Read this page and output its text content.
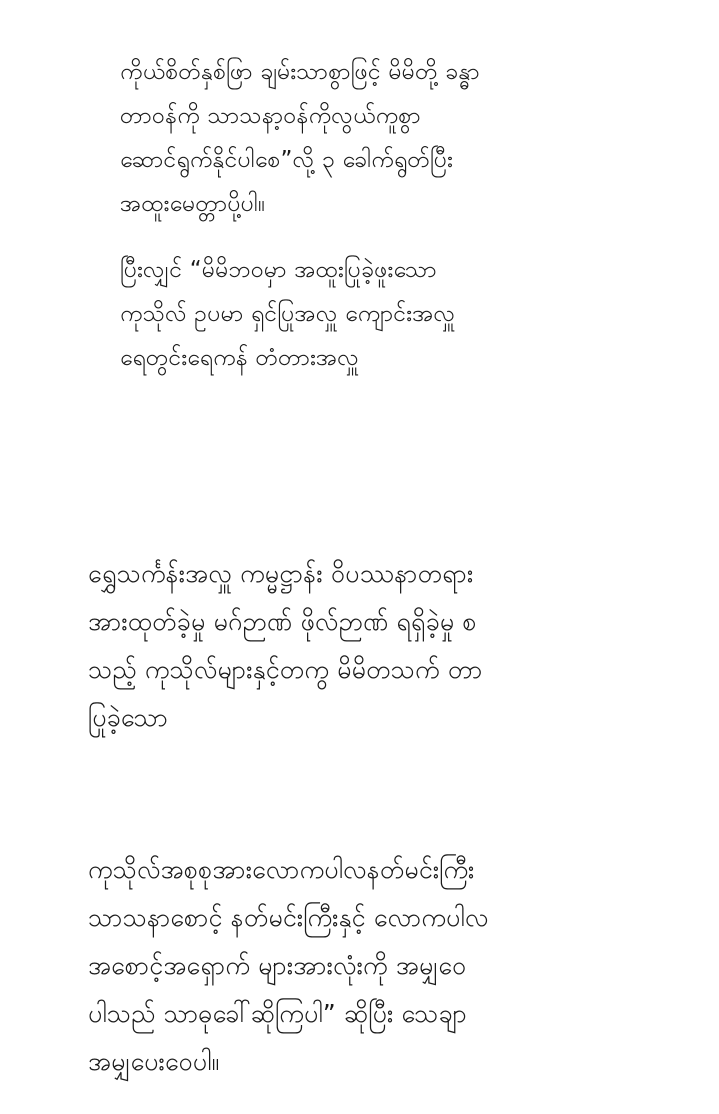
ကိုယ်စိတ်နှစ်ဖြာ ချမ်းသာစွာဖြင့် မိမိတို့ ခန္ဓာ
တာဝန်ကို သာသနာ့ဝန်ကိုလွယ်ကူစွာ
ဆောင်ရွက်နိုင်ပါစေ”လို့ ၃ ခေါက်ရွတ်ပြီး
အထူးမေတ္တာပို့ပါ။
ပြီးလျှင် “မိမိဘဝမှာ အထူးပြုခဲ့ဖူးသော
ကုသိုလ် ဥပမာ ရှင်ပြုအလှူ ကျောင်းအလှူ
ရေတွင်းရေကန် တံတားအလှူ
ရွှေသင်္ကန်းအလှူ ကမ္မဋ္ဌာန်း ဝိပဿနာတရား
အားထုတ်ခဲ့မှု မဂ်ဉာဏ် ဖိုလ်ဉာဏ် ရရှိခဲ့မှု စ
သည့် ကုသိုလ်များနှင့်တကွ မိမိတသက် တာ
ပြုခဲ့သော
ကုသိုလ်အစုစုအားလောကပါလနတ်မင်းကြီး
သာသနာစောင့် နတ်မင်းကြီးနှင့် လောကပါလ
အစောင့်အရှောက် များအားလုံးကို အမျှဝေ
ပါသည် သာဓုခေါ်ဆိုကြပါ” ဆိုပြီး သေချာ
အမျှပေးဝေပါ။
